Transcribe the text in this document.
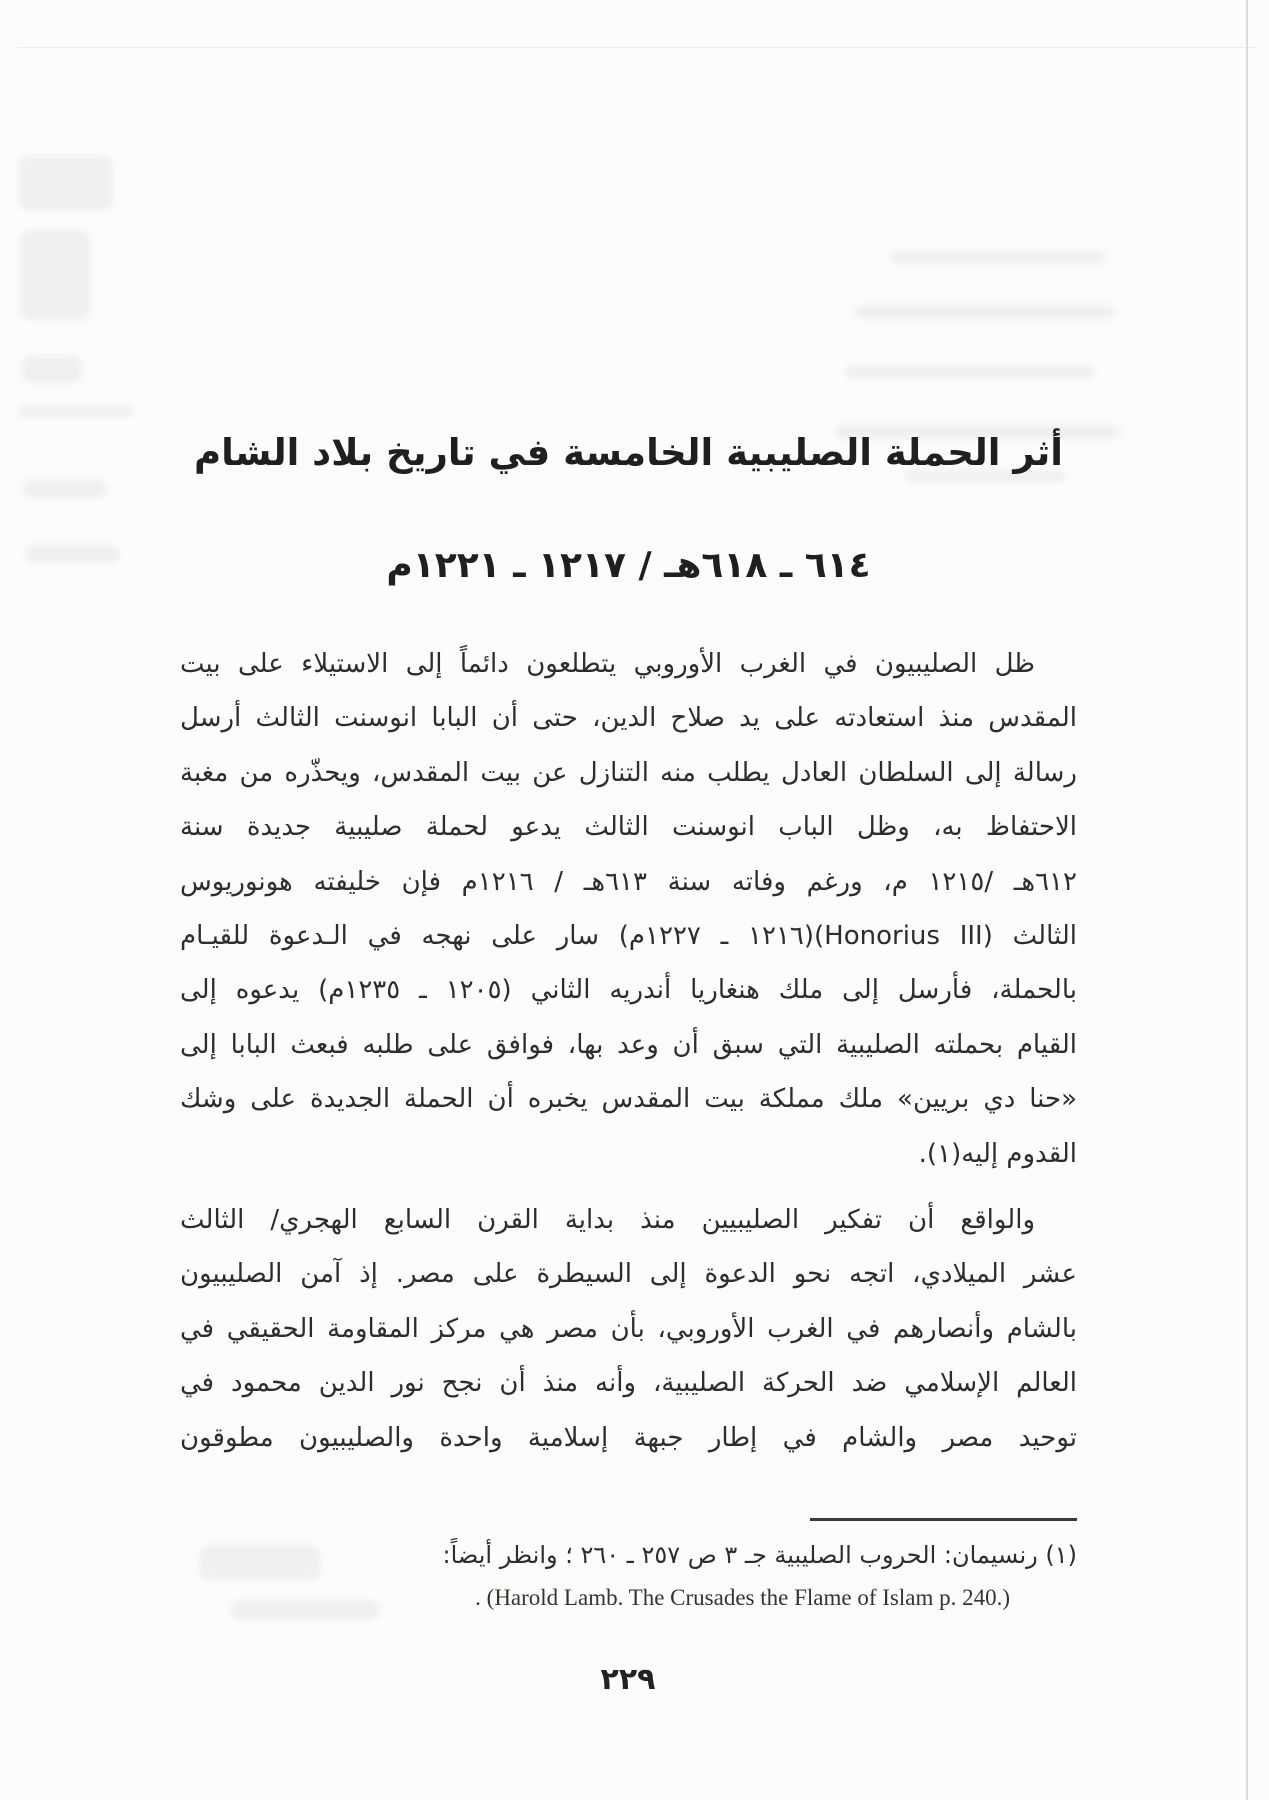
أثر الحملة الصليبية الخامسة في تاريخ بلاد الشام
٦١٤ ـ ٦١٨هـ / ١٢١٧ ـ ١٢٢١م
ظل الصليبيون في الغرب الأوروبي يتطلعون دائماً إلى الاستيلاء على بيت
المقدس منذ استعادته على يد صلاح الدين، حتى أن البابا انوسنت الثالث أرسل
رسالة إلى السلطان العادل يطلب منه التنازل عن بيت المقدس، ويحذّره من مغبة
الاحتفاظ به، وظل الباب انوسنت الثالث يدعو لحملة صليبية جديدة سنة
٦١٢هـ /١٢١٥ م، ورغم وفاته سنة ٦١٣هـ / ١٢١٦م فإن خليفته هونوريوس
الثالث (Honorius III)(١٢١٦ ـ ١٢٢٧م) سار على نهجه في الـدعوة للقيـام
بالحملة، فأرسل إلى ملك هنغاريا أندريه الثاني (١٢٠٥ ـ ١٢٣٥م) يدعوه إلى
القيام بحملته الصليبية التي سبق أن وعد بها، فوافق على طلبه فبعث البابا إلى
«حنا دي بريين» ملك مملكة بيت المقدس يخبره أن الحملة الجديدة على وشك
القدوم إليه(١).
والواقع أن تفكير الصليبيين منذ بداية القرن السابع الهجري/ الثالث
عشر الميلادي، اتجه نحو الدعوة إلى السيطرة على مصر. إذ آمن الصليبيون
بالشام وأنصارهم في الغرب الأوروبي، بأن مصر هي مركز المقاومة الحقيقي في
العالم الإسلامي ضد الحركة الصليبية، وأنه منذ أن نجح نور الدين محمود في
توحيد مصر والشام في إطار جبهة إسلامية واحدة والصليبيون مطوقون
(١) رنسيمان: الحروب الصليبية جـ ٣ ص ٢٥٧ ـ ٢٦٠ ؛ وانظر أيضاً:
. (Harold Lamb. The Crusades the Flame of Islam p. 240.)
٢٢٩
